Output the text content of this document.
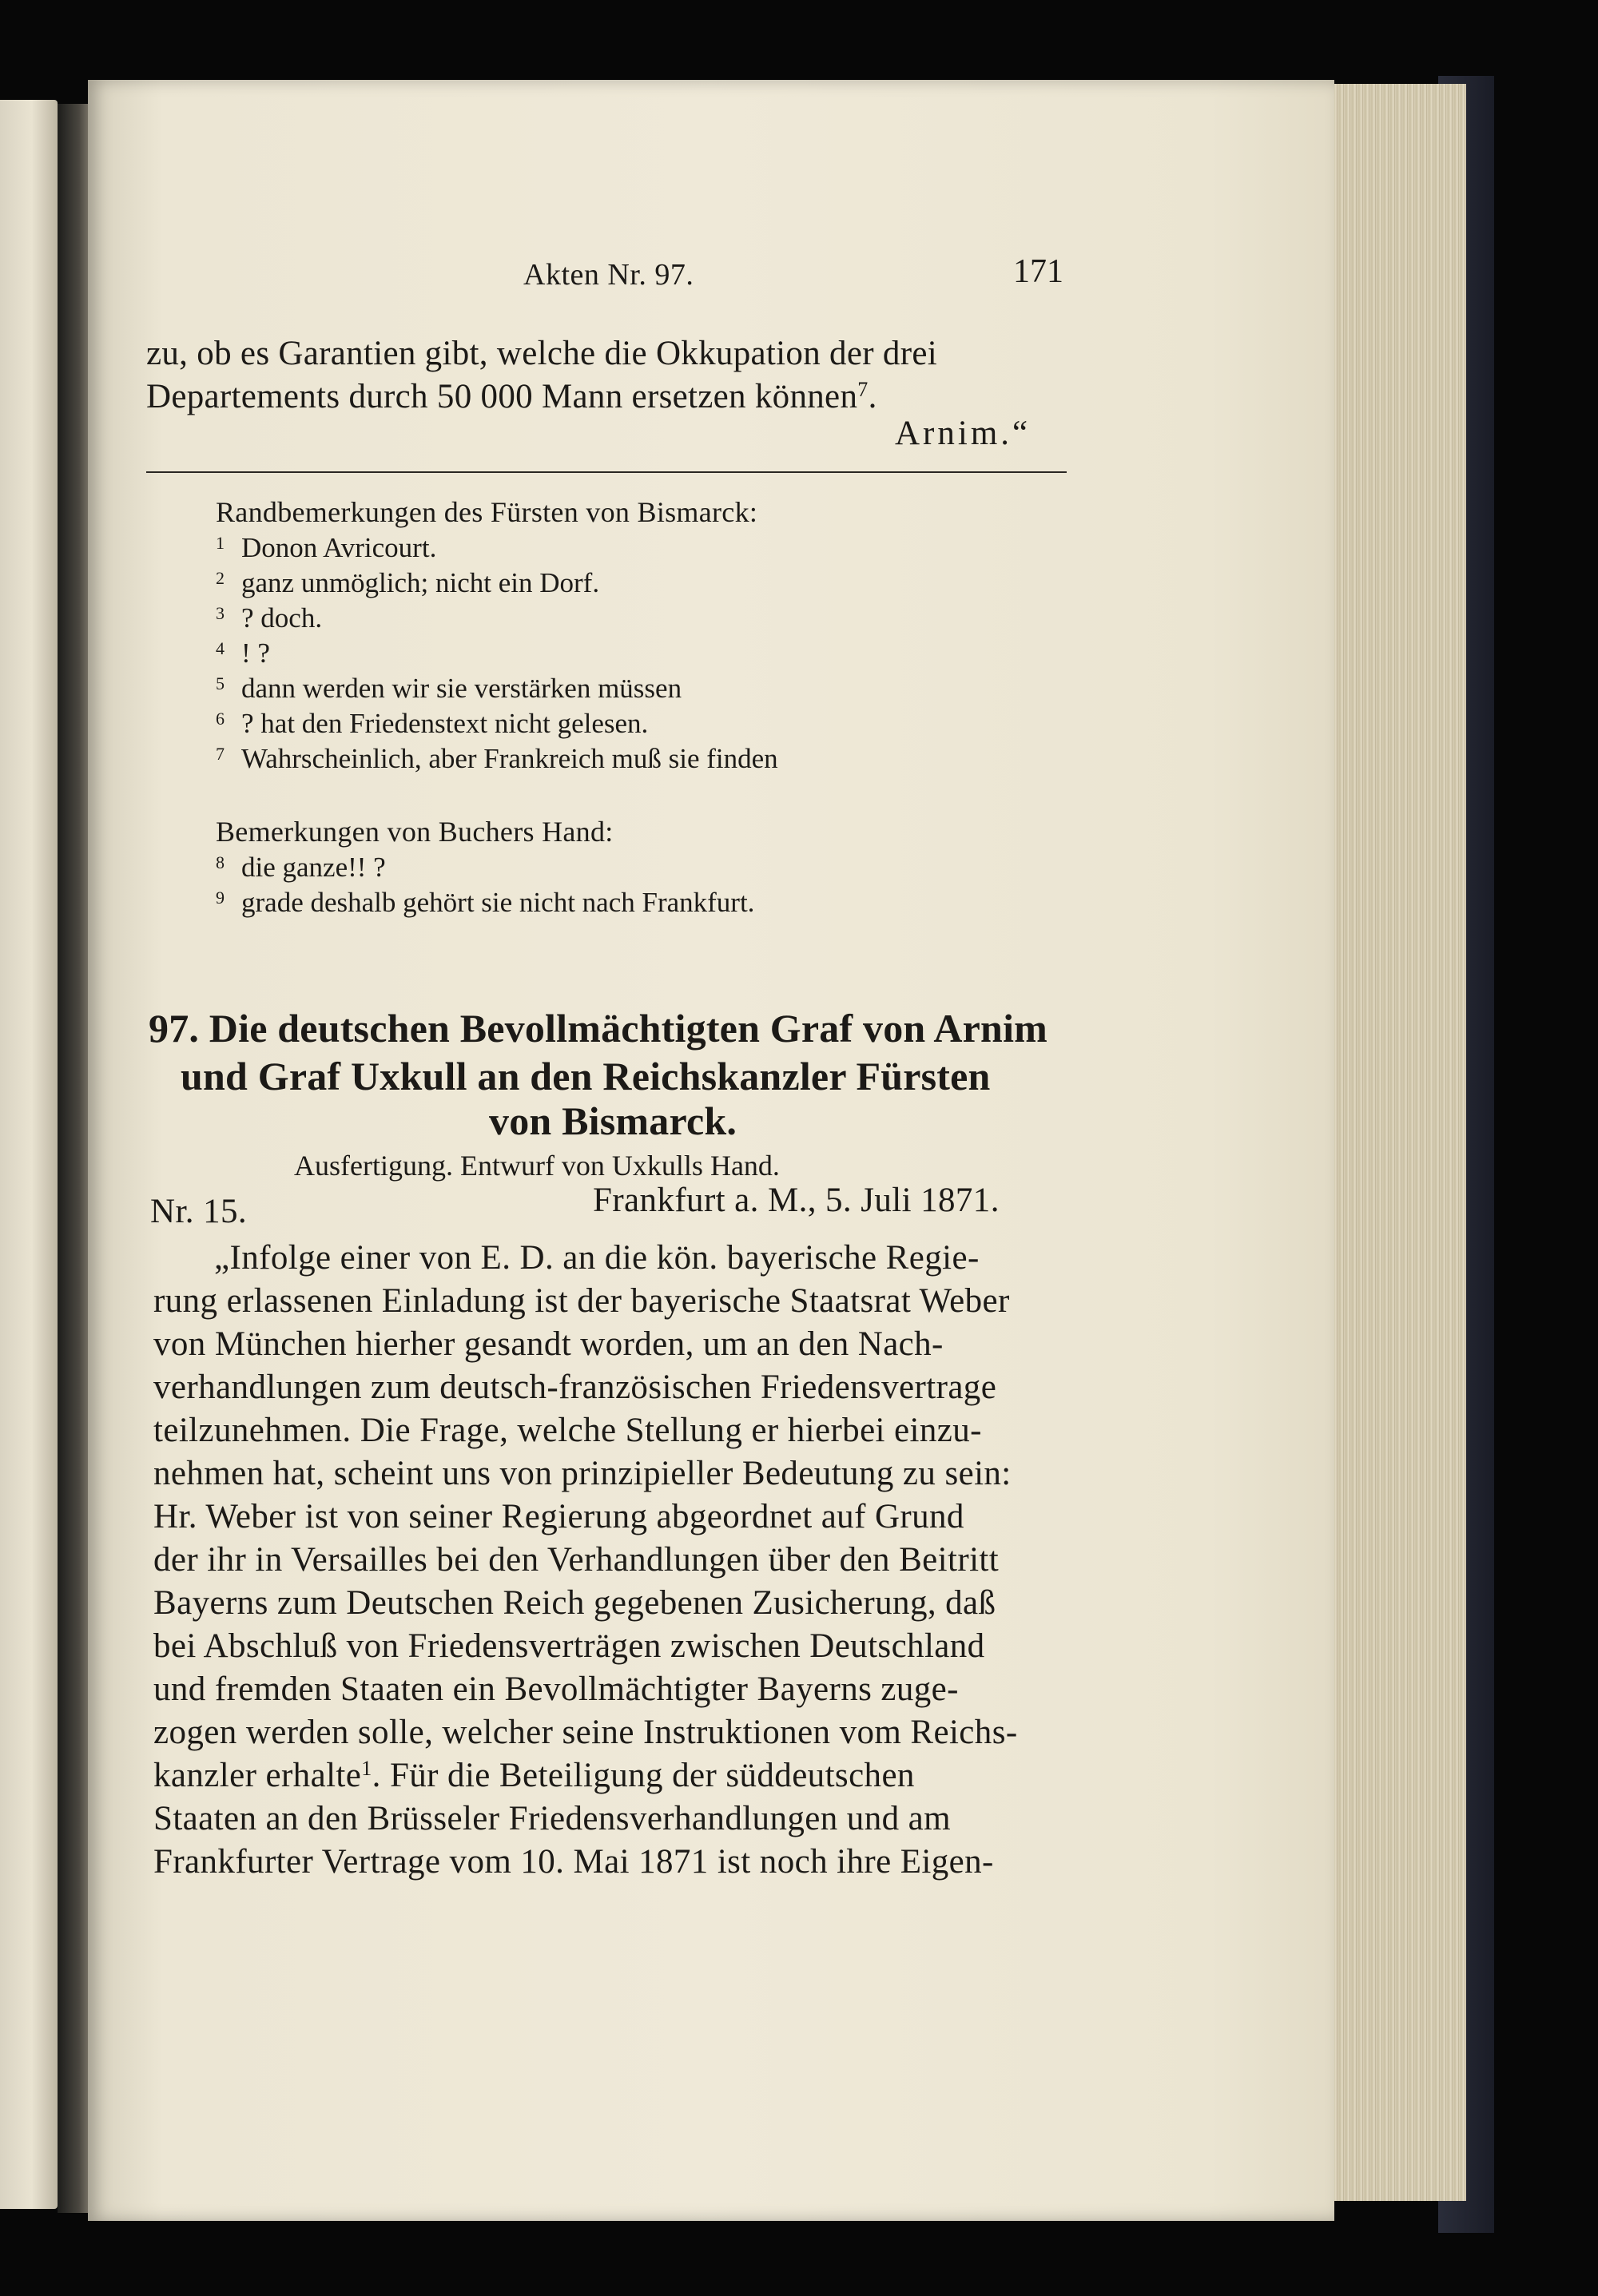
Akten Nr. 97.	171
zu, ob es Garantien gibt, welche die Okkupation der drei
Departements durch 50 000 Mann ersetzen können$^7$.
Arnim.“
Randbemerkungen des Fürsten von Bismarck:
1 Donon Avricourt.
2 ganz unmöglich; nicht ein Dorf.
3 ? doch.
4 ! ?
5 dann werden wir sie verstärken müssen
6 ? hat den Friedenstext nicht gelesen.
7 Wahrscheinlich, aber Frankreich muß sie finden
Bemerkungen von Buchers Hand:
8 die ganze!! ?
9 grade deshalb gehört sie nicht nach Frankfurt.
97. Die deutschen Bevollmächtigten Graf von Arnim
und Graf Uxkull an den Reichskanzler Fürsten
von Bismarck.
Ausfertigung. Entwurf von Uxkulls Hand.
Nr. 15.	Frankfurt a. M., 5. Juli 1871.
„Infolge einer von E. D. an die kön. bayerische Regie-
rung erlassenen Einladung ist der bayerische Staatsrat Weber
von München hierher gesandt worden, um an den Nach-
verhandlungen zum deutsch-französischen Friedensvertrage
teilzunehmen. Die Frage, welche Stellung er hierbei einzu-
nehmen hat, scheint uns von prinzipieller Bedeutung zu sein:
Hr. Weber ist von seiner Regierung abgeordnet auf Grund
der ihr in Versailles bei den Verhandlungen über den Beitritt
Bayerns zum Deutschen Reich gegebenen Zusicherung, daß
bei Abschluß von Friedensverträgen zwischen Deutschland
und fremden Staaten ein Bevollmächtigter Bayerns zuge-
zogen werden solle, welcher seine Instruktionen vom Reichs-
kanzler erhalte$^1$. Für die Beteiligung der süddeutschen
Staaten an den Brüsseler Friedensverhandlungen und am
Frankfurter Vertrage vom 10. Mai 1871 ist noch ihre Eigen-
